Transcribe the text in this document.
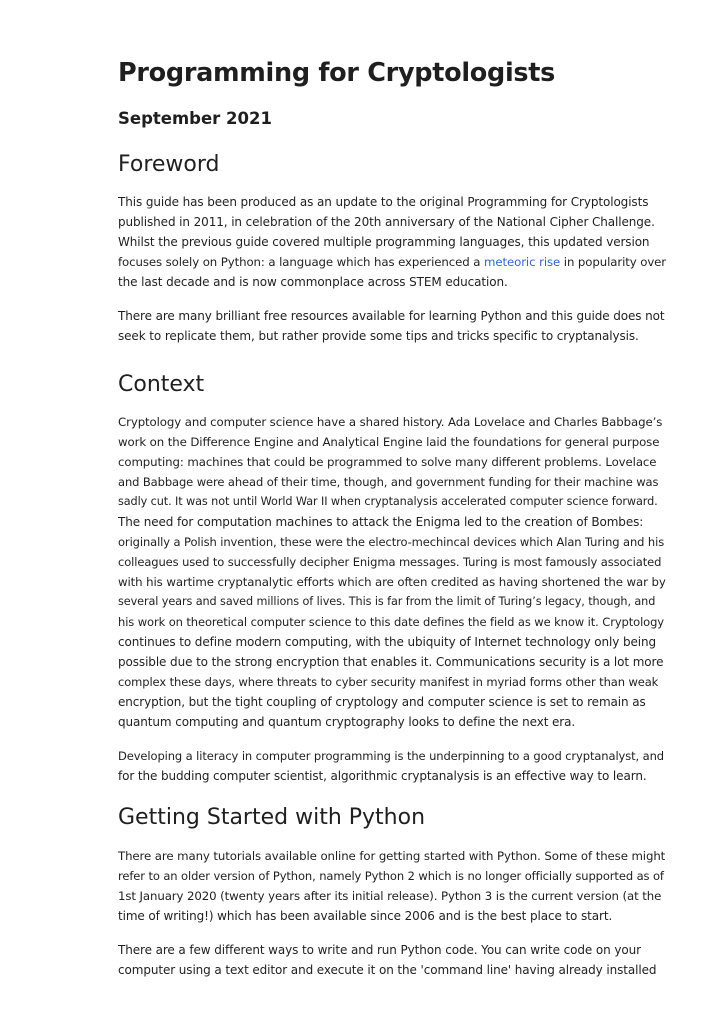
Programming for Cryptologists
September 2021
Foreword
This guide has been produced as an update to the original Programming for Cryptologists
published in 2011, in celebration of the 20th anniversary of the National Cipher Challenge.
Whilst the previous guide covered multiple programming languages, this updated version
focuses solely on Python: a language which has experienced a meteoric rise in popularity over
the last decade and is now commonplace across STEM education.
There are many brilliant free resources available for learning Python and this guide does not
seek to replicate them, but rather provide some tips and tricks specific to cryptanalysis.
Context
Cryptology and computer science have a shared history. Ada Lovelace and Charles Babbage’s
work on the Difference Engine and Analytical Engine laid the foundations for general purpose
computing: machines that could be programmed to solve many different problems. Lovelace
and Babbage were ahead of their time, though, and government funding for their machine was
sadly cut. It was not until World War II when cryptanalysis accelerated computer science forward.
The need for computation machines to attack the Enigma led to the creation of Bombes:
originally a Polish invention, these were the electro-mechincal devices which Alan Turing and his
colleagues used to successfully decipher Enigma messages. Turing is most famously associated
with his wartime cryptanalytic efforts which are often credited as having shortened the war by
several years and saved millions of lives. This is far from the limit of Turing’s legacy, though, and
his work on theoretical computer science to this date defines the field as we know it. Cryptology
continues to define modern computing, with the ubiquity of Internet technology only being
possible due to the strong encryption that enables it. Communications security is a lot more
complex these days, where threats to cyber security manifest in myriad forms other than weak
encryption, but the tight coupling of cryptology and computer science is set to remain as
quantum computing and quantum cryptography looks to define the next era.
Developing a literacy in computer programming is the underpinning to a good cryptanalyst, and
for the budding computer scientist, algorithmic cryptanalysis is an effective way to learn.
Getting Started with Python
There are many tutorials available online for getting started with Python. Some of these might
refer to an older version of Python, namely Python 2 which is no longer officially supported as of
1st January 2020 (twenty years after its initial release). Python 3 is the current version (at the
time of writing!) which has been available since 2006 and is the best place to start.
There are a few different ways to write and run Python code. You can write code on your
computer using a text editor and execute it on the 'command line' having already installed
